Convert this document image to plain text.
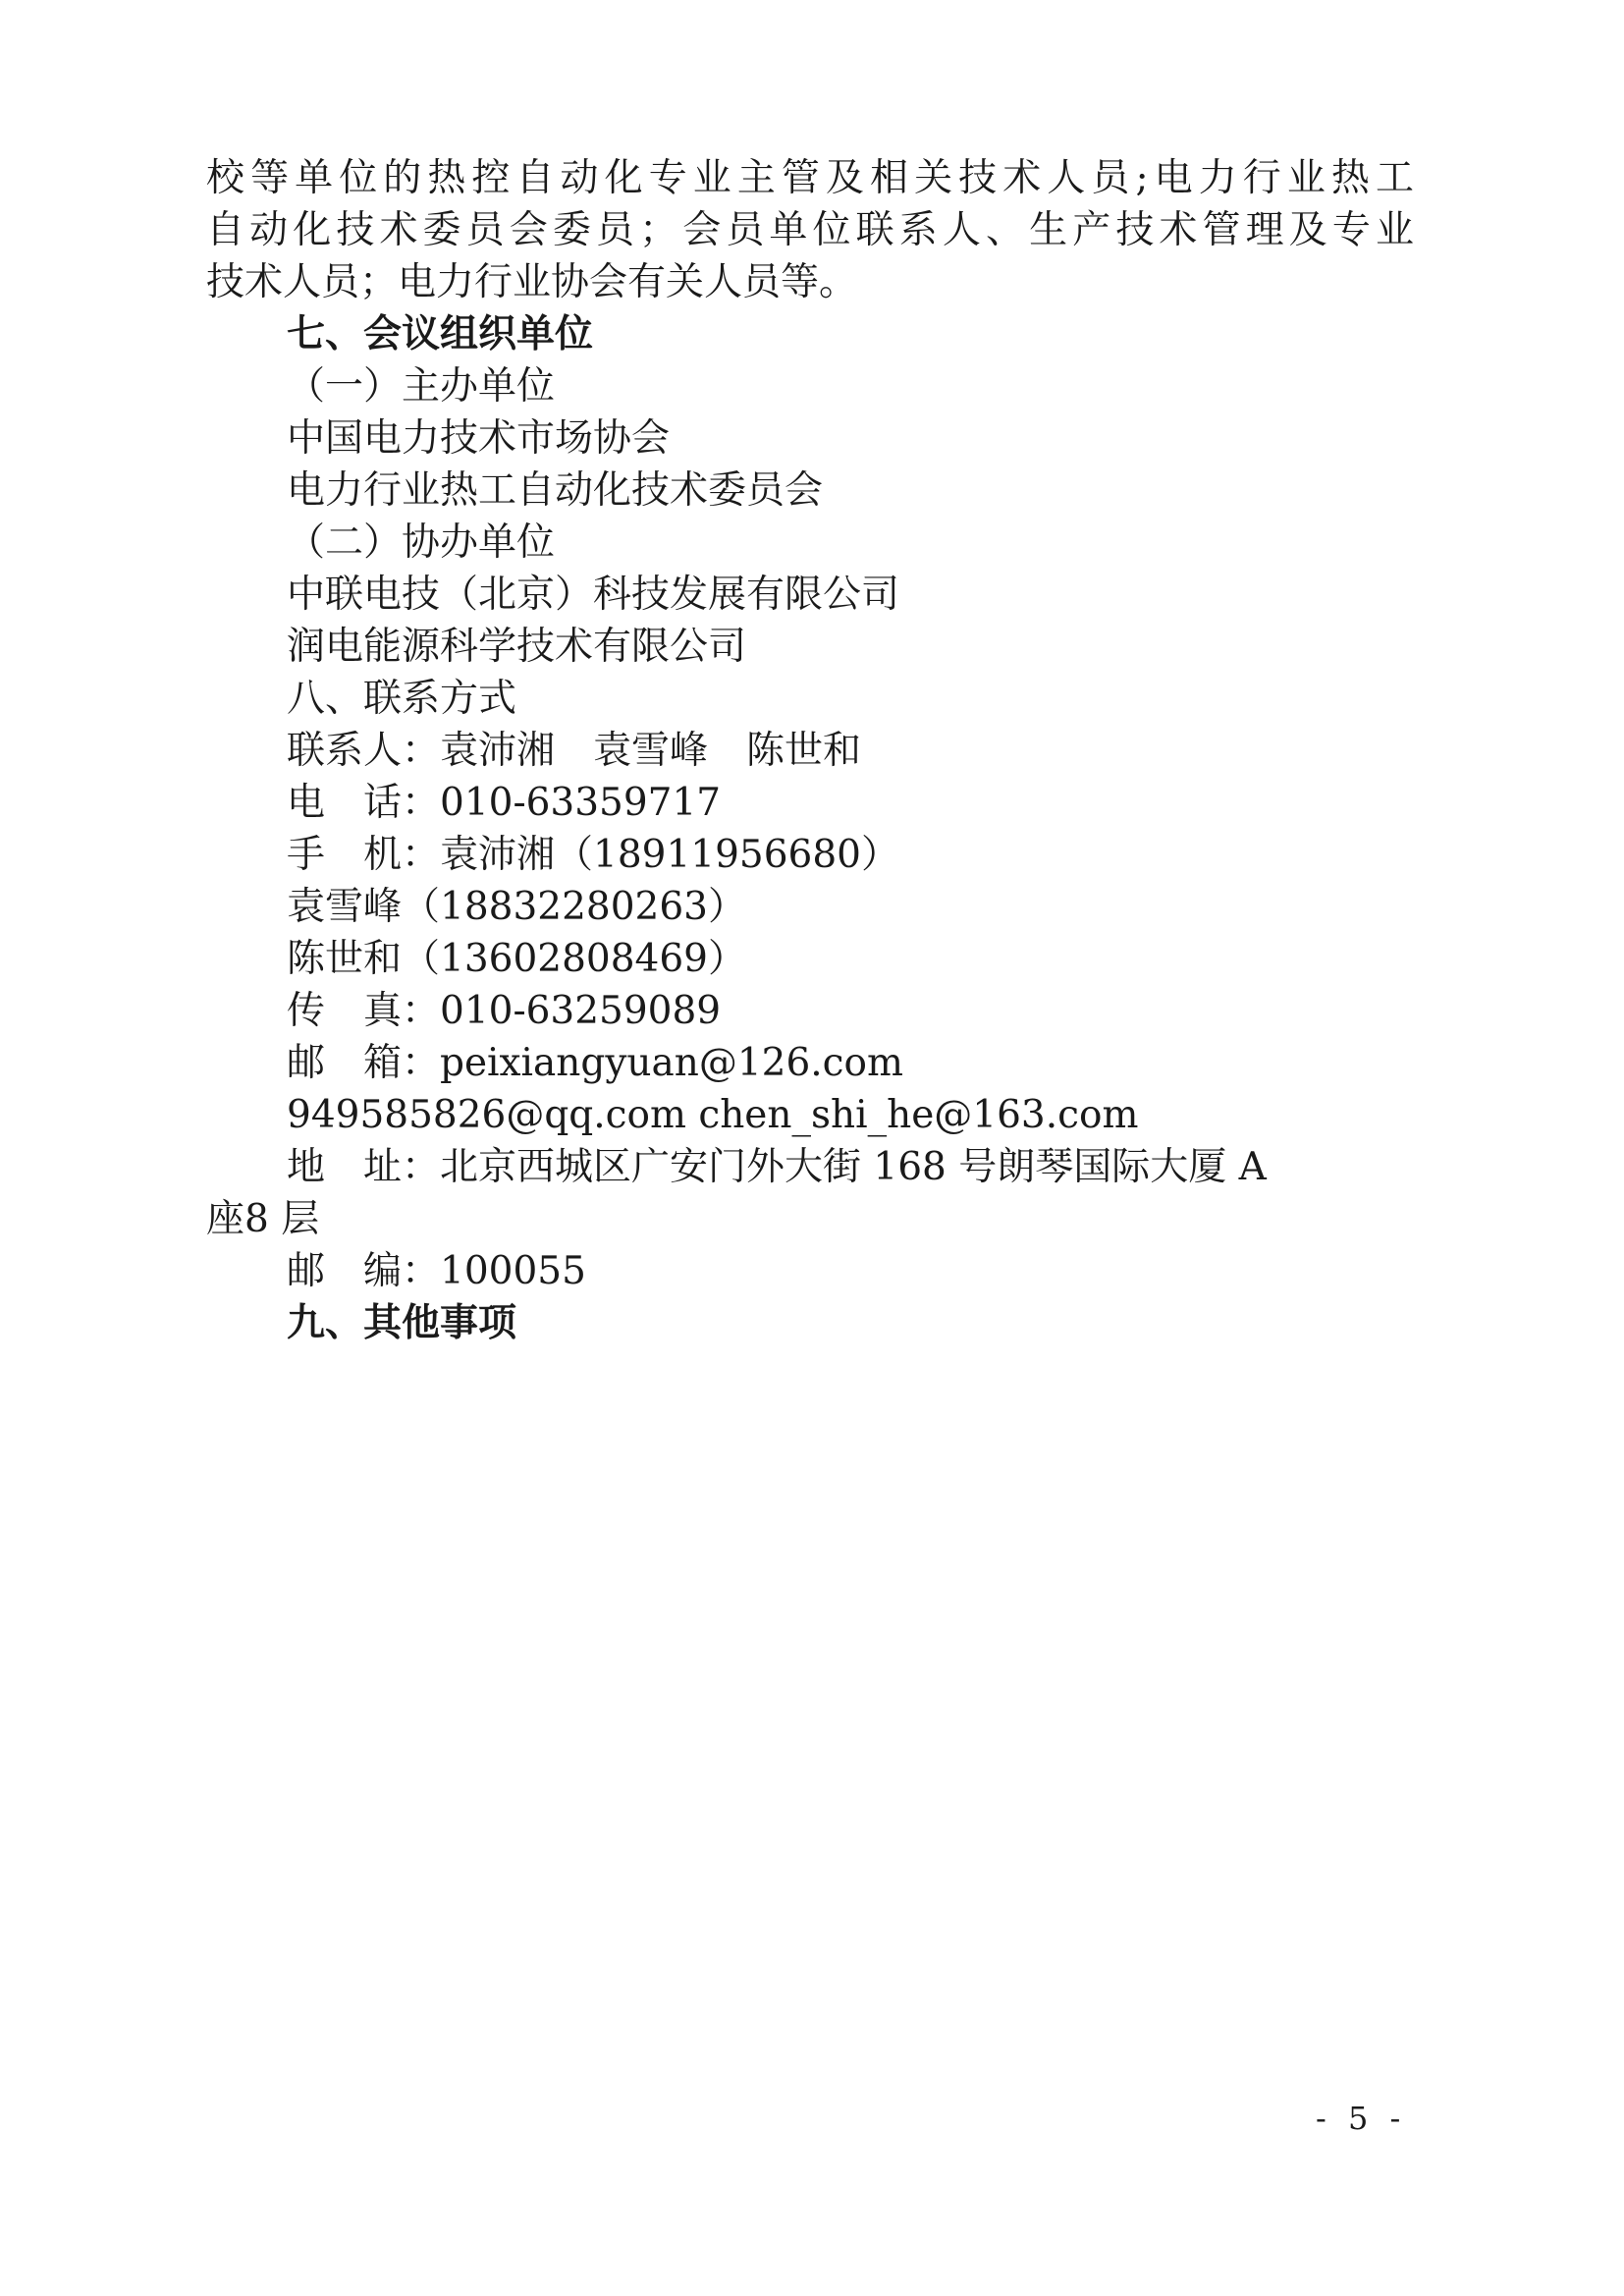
校等单位的热控自动化专业主管及相关技术人员;电力行业热工
自动化技术委员会委员；会员单位联系人、生产技术管理及专业
技术人员；电力行业协会有关人员等。
七、会议组织单位
（一）主办单位
中国电力技术市场协会
电力行业热工自动化技术委员会
（二）协办单位
中联电技（北京）科技发展有限公司
润电能源科学技术有限公司
八、联系方式
联系人：袁沛湘　袁雪峰　陈世和
电　话：010-63359717
手　机：袁沛湘（18911956680）
袁雪峰（18832280263）
陈世和（13602808469）
传　真：010-63259089
邮　箱：peixiangyuan@126.com
949585826@qq.com chen_shi_he@163.com
地　址：北京西城区广安门外大街 168 号朗琴国际大厦 A
座8 层
邮　编：100055
九、其他事项
- 5 -
